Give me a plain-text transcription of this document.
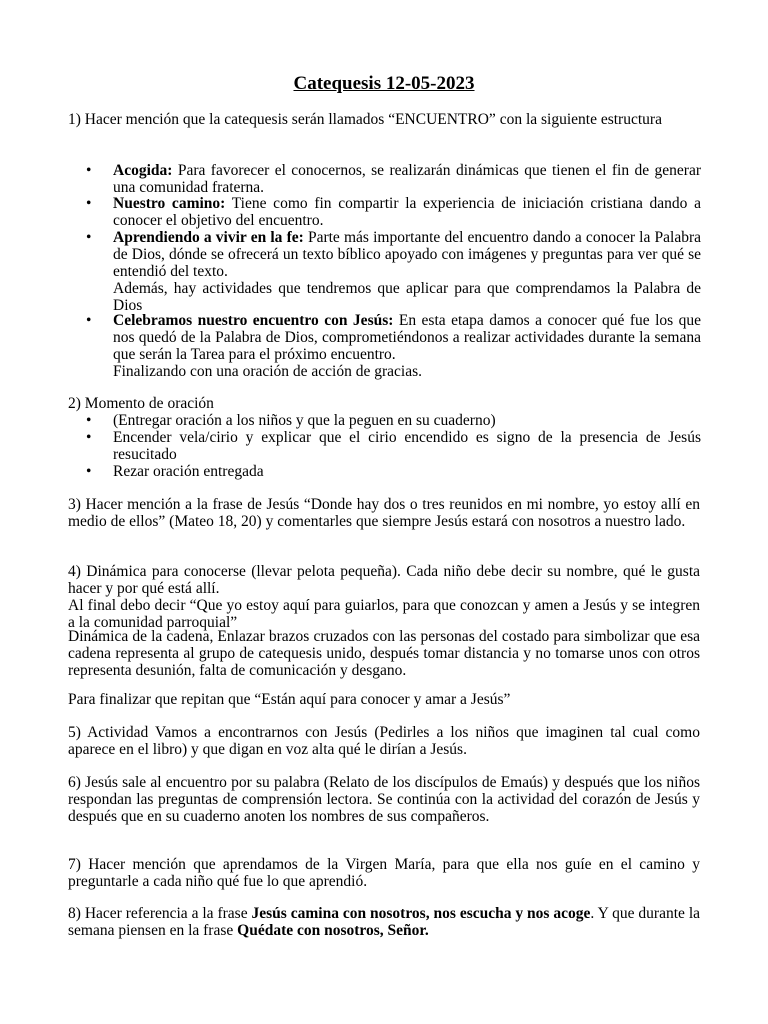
Catequesis 12-05-2023
1) Hacer mención que la catequesis serán llamados “ENCUENTRO” con la siguiente estructura
• Acogida: Para favorecer el conocernos, se realizarán dinámicas que tienen el fin de generar una comunidad fraterna.
• Nuestro camino: Tiene como fin compartir la experiencia de iniciación cristiana dando a conocer el objetivo del encuentro.
• Aprendiendo a vivir en la fe: Parte más importante del encuentro dando a conocer la Palabra de Dios, dónde se ofrecerá un texto bíblico apoyado con imágenes y preguntas para ver qué se entendió del texto.
Además, hay actividades que tendremos que aplicar para que comprendamos la Palabra de Dios
• Celebramos nuestro encuentro con Jesús: En esta etapa damos a conocer qué fue los que nos quedó de la Palabra de Dios, comprometiéndonos a realizar actividades durante la semana que serán la Tarea para el próximo encuentro.
Finalizando con una oración de acción de gracias.
2) Momento de oración
• (Entregar oración a los niños y que la peguen en su cuaderno)
• Encender vela/cirio y explicar que el cirio encendido es signo de la presencia de Jesús resucitado
• Rezar oración entregada
3) Hacer mención a la frase de Jesús “Donde hay dos o tres reunidos en mi nombre, yo estoy allí en medio de ellos” (Mateo 18, 20) y comentarles que siempre Jesús estará con nosotros a nuestro lado.
4) Dinámica para conocerse (llevar pelota pequeña). Cada niño debe decir su nombre, qué le gusta hacer y por qué está allí.
Al final debo decir “Que yo estoy aquí para guiarlos, para que conozcan y amen a Jesús y se integren a la comunidad parroquial”
Dinámica de la cadena, Enlazar brazos cruzados con las personas del costado para simbolizar que esa cadena representa al grupo de catequesis unido, después tomar distancia y no tomarse unos con otros representa desunión, falta de comunicación y desgano.
Para finalizar que repitan que “Están aquí para conocer y amar a Jesús”
5) Actividad Vamos a encontrarnos con Jesús (Pedirles a los niños que imaginen tal cual como aparece en el libro) y que digan en voz alta qué le dirían a Jesús.
6) Jesús sale al encuentro por su palabra (Relato de los discípulos de Emaús) y después que los niños respondan las preguntas de comprensión lectora. Se continúa con la actividad del corazón de Jesús y después que en su cuaderno anoten los nombres de sus compañeros.
7) Hacer mención que aprendamos de la Virgen María, para que ella nos guíe en el camino y preguntarle a cada niño qué fue lo que aprendió.
8) Hacer referencia a la frase Jesús camina con nosotros, nos escucha y nos acoge. Y que durante la semana piensen en la frase Quédate con nosotros, Señor.
